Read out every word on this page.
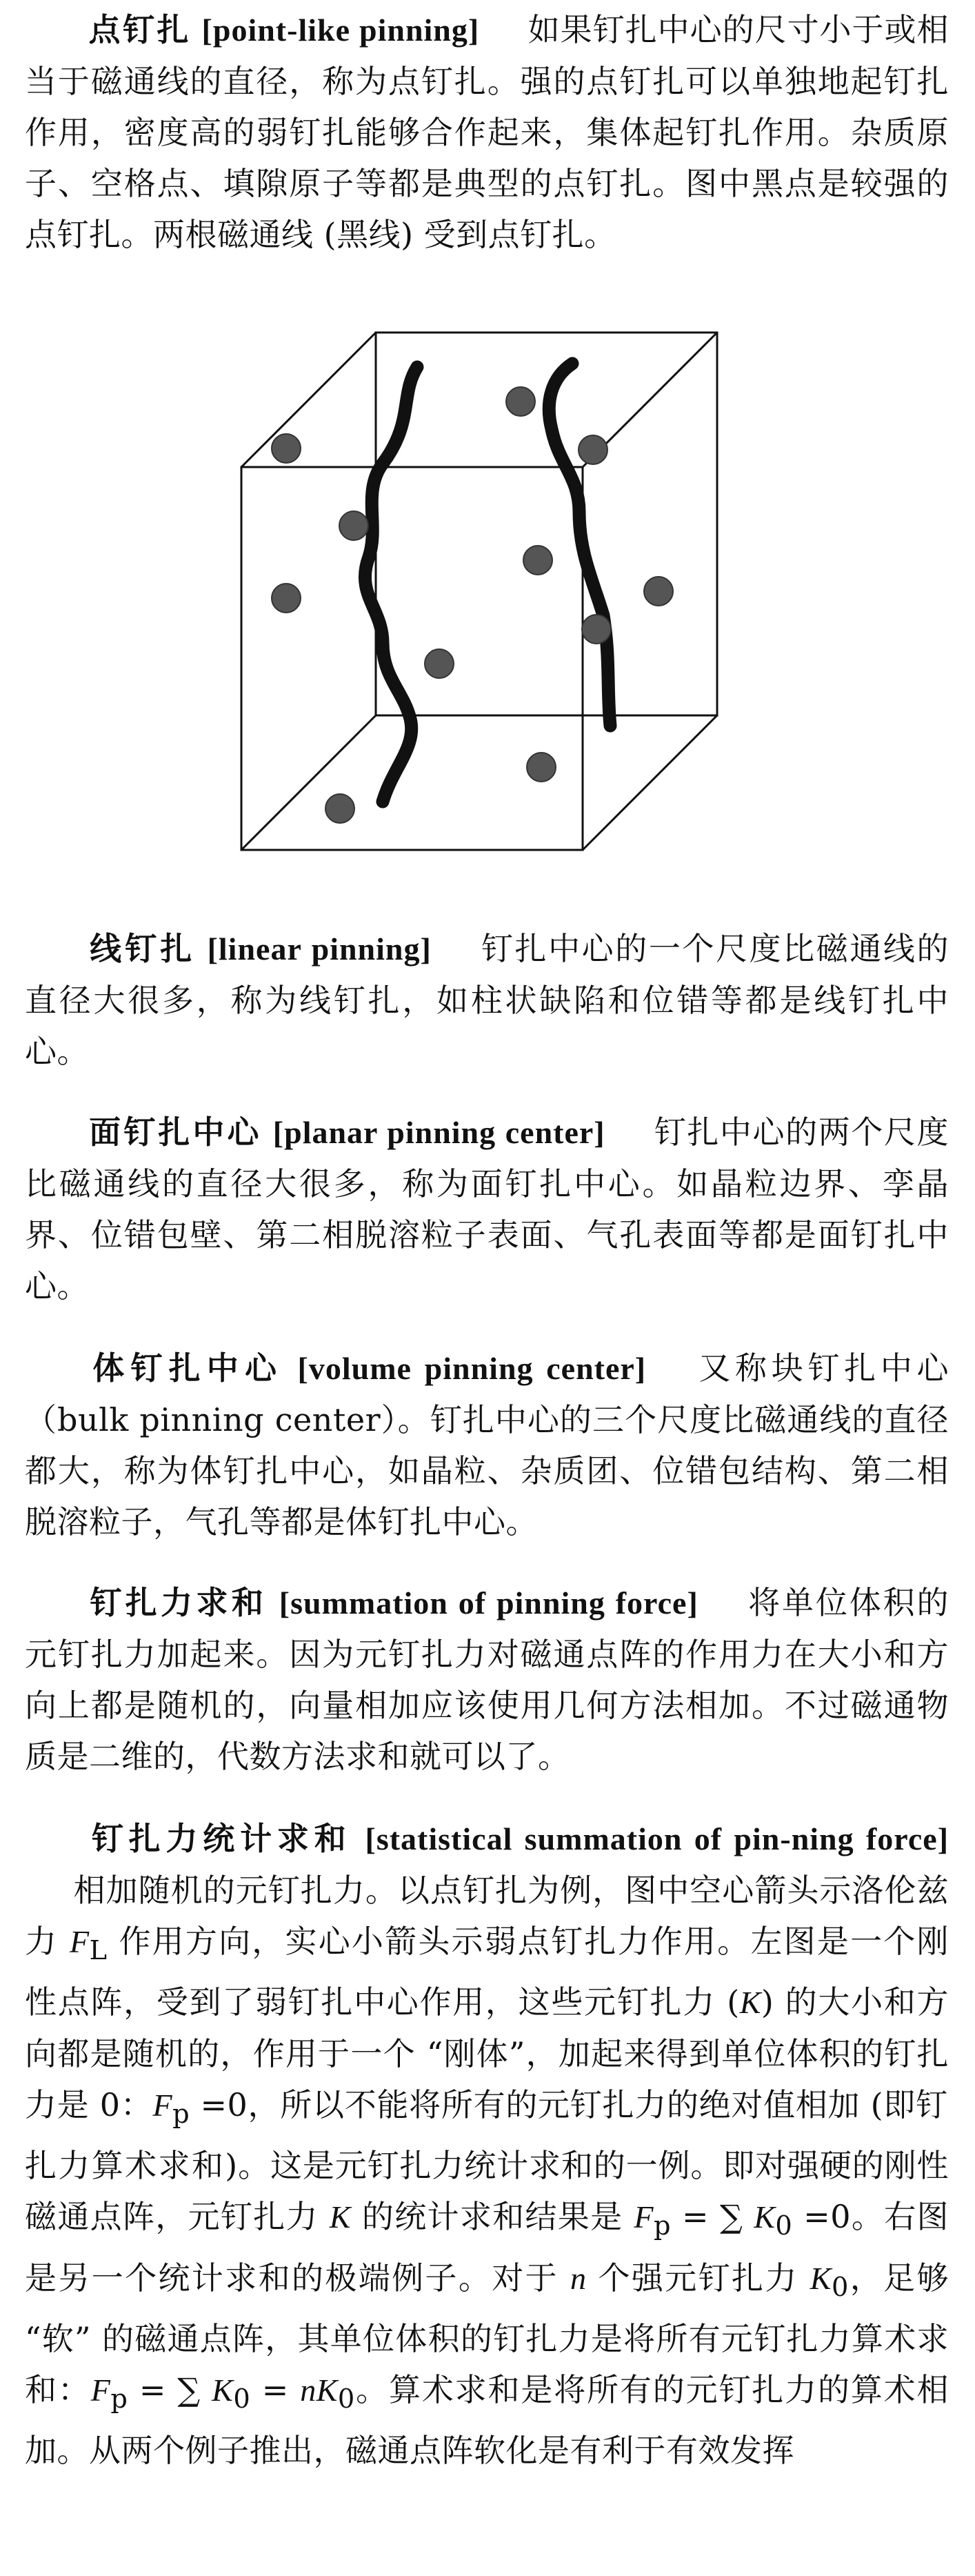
点钉扎 [point-like pinning] 如果钉扎中心的尺寸小于或相当于磁通线的直径，称为点钉扎。强的点钉扎可以单独地起钉扎作用，密度高的弱钉扎能够合作起来，集体起钉扎作用。杂质原子、空格点、填隙原子等都是典型的点钉扎。图中黑点是较强的点钉扎。两根磁通线 (黑线) 受到点钉扎。
线钉扎 [linear pinning] 钉扎中心的一个尺度比磁通线的直径大很多，称为线钉扎，如柱状缺陷和位错等都是线钉扎中心。
面钉扎中心 [planar pinning center] 钉扎中心的两个尺度比磁通线的直径大很多，称为面钉扎中心。如晶粒边界、孪晶界、位错包壁、第二相脱溶粒子表面、气孔表面等都是面钉扎中心。
体钉扎中心 [volume pinning center] 又称块钉扎中心（bulk pinning center）。钉扎中心的三个尺度比磁通线的直径都大，称为体钉扎中心，如晶粒、杂质团、位错包结构、第二相脱溶粒子，气孔等都是体钉扎中心。
钉扎力求和 [summation of pinning force] 将单位体积的元钉扎力加起来。因为元钉扎力对磁通点阵的作用力在大小和方向上都是随机的，向量相加应该使用几何方法相加。不过磁通物质是二维的，代数方法求和就可以了。
钉扎力统计求和 [statistical summation of pin-ning force]相加随机的元钉扎力。以点钉扎为例，图中空心箭头示洛伦兹力 $F_L$ 作用方向，实心小箭头示弱点钉扎力作用。左图是一个刚性点阵，受到了弱钉扎中心作用，这些元钉扎力 (K) 的大小和方向都是随机的，作用于一个 “刚体”，加起来得到单位体积的钉扎力是 0：$F_p =0$，所以不能将所有的元钉扎力的绝对值相加 (即钉扎力算术求和)。这是元钉扎力统计求和的一例。即对强硬的刚性磁通点阵，元钉扎力 K 的统计求和结果是 $F_p$ = ∑ $K_0 =0$。右图是另一个统计求和的极端例子。对于 n 个强元钉扎力 $K_0$，足够 “软” 的磁通点阵，其单位体积的钉扎力是将所有元钉扎力算术求和：$F_p$ = ∑ $K_0 = nK_0$。算术求和是将所有的元钉扎力的算术相加。从两个例子推出，磁通点阵软化是有利于有效发挥
